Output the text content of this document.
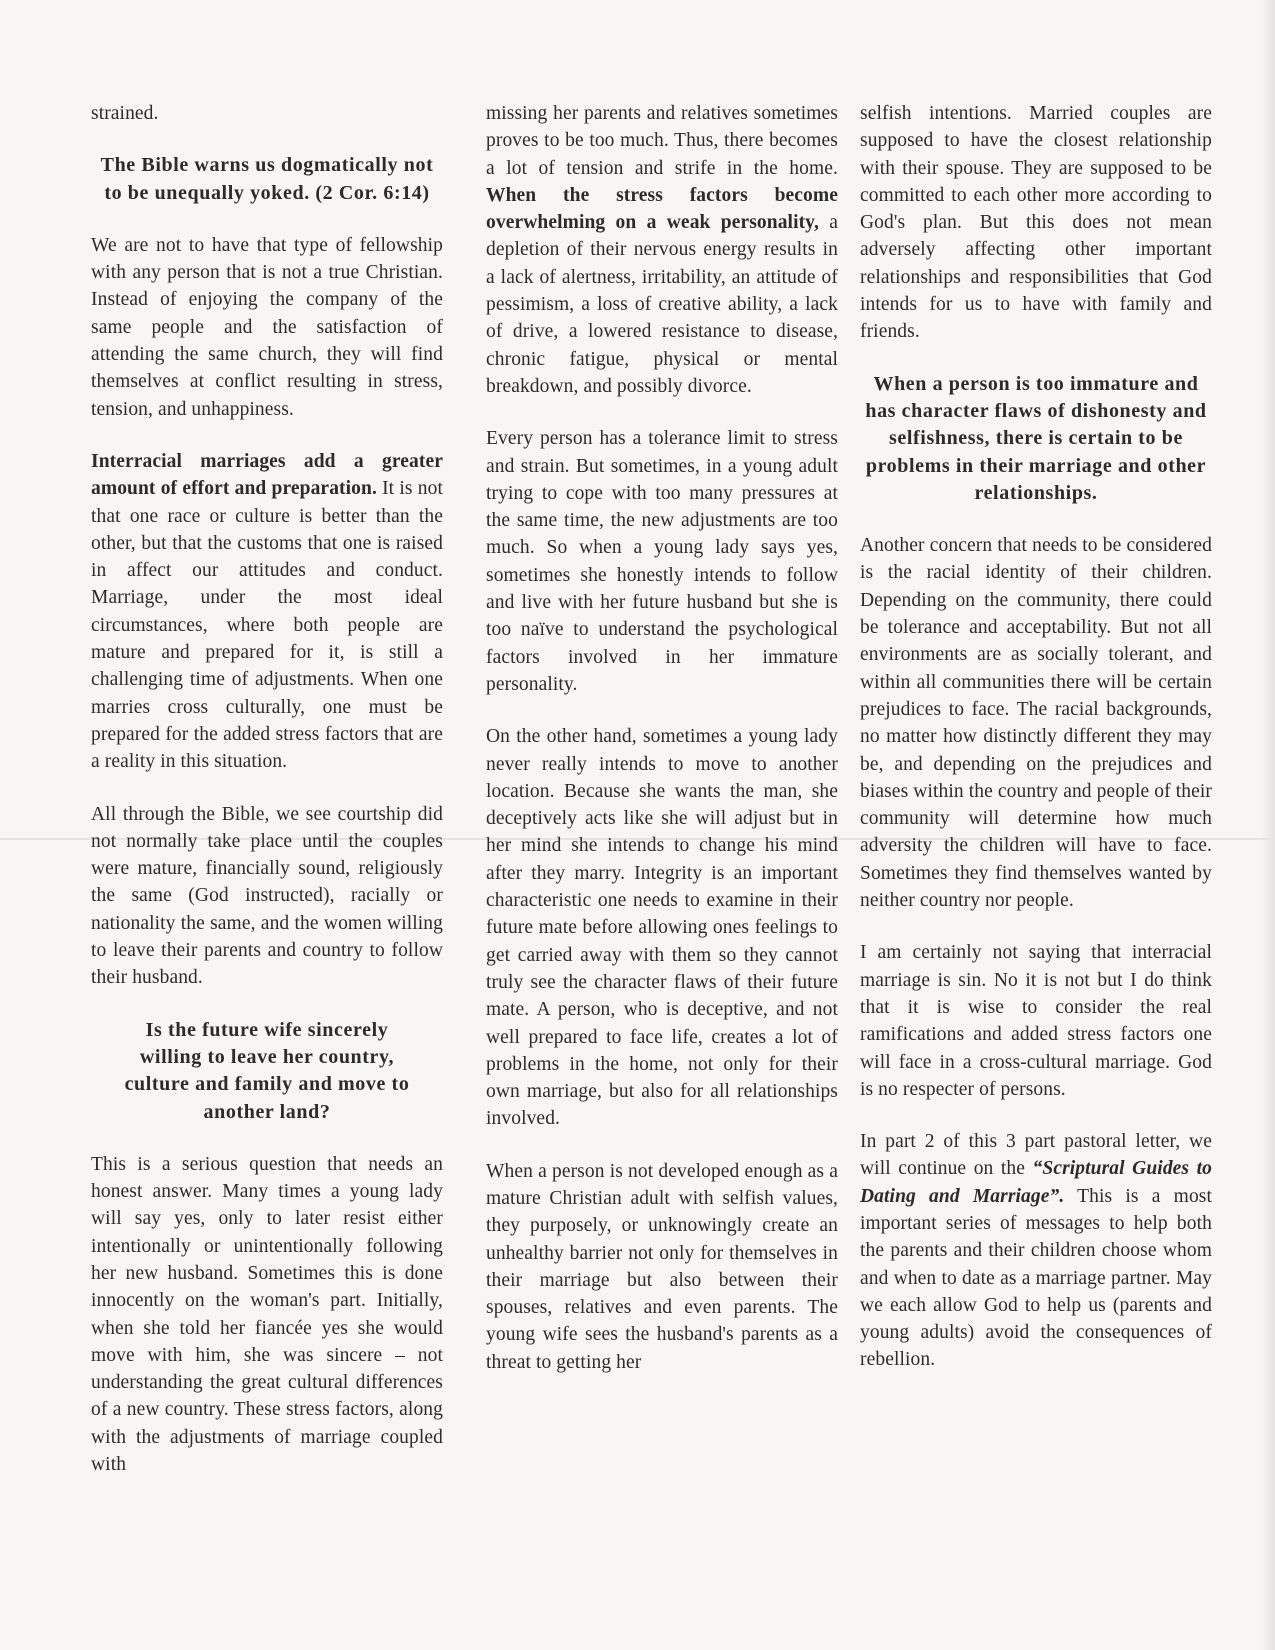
strained.

The Bible warns us dogmatically not to be unequally yoked. (2 Cor. 6:14)

We are not to have that type of fellowship with any person that is not a true Christian. Instead of enjoying the company of the same people and the satisfaction of attending the same church, they will find themselves at conflict resulting in stress, tension, and unhappiness.

Interracial marriages add a greater amount of effort and preparation. It is not that one race or culture is better than the other, but that the customs that one is raised in affect our attitudes and conduct. Marriage, under the most ideal circumstances, where both people are mature and prepared for it, is still a challenging time of adjustments. When one marries cross culturally, one must be prepared for the added stress factors that are a reality in this situation.

All through the Bible, we see courtship did not normally take place until the couples were mature, financially sound, religiously the same (God instructed), racially or nationality the same, and the women willing to leave their parents and country to follow their husband.

Is the future wife sincerely willing to leave her country, culture and family and move to another land?

This is a serious question that needs an honest answer. Many times a young lady will say yes, only to later resist either intentionally or unintentionally following her new husband. Sometimes this is done innocently on the woman's part. Initially, when she told her fiancée yes she would move with him, she was sincere – not understanding the great cultural differences of a new country. These stress factors, along with the adjustments of marriage coupled with

missing her parents and relatives sometimes proves to be too much. Thus, there becomes a lot of tension and strife in the home. When the stress factors become overwhelming on a weak personality, a depletion of their nervous energy results in a lack of alertness, irritability, an attitude of pessimism, a loss of creative ability, a lack of drive, a lowered resistance to disease, chronic fatigue, physical or mental breakdown, and possibly divorce.

Every person has a tolerance limit to stress and strain. But sometimes, in a young adult trying to cope with too many pressures at the same time, the new adjustments are too much. So when a young lady says yes, sometimes she honestly intends to follow and live with her future husband but she is too naïve to understand the psychological factors involved in her immature personality.

On the other hand, sometimes a young lady never really intends to move to another location. Because she wants the man, she deceptively acts like she will adjust but in her mind she intends to change his mind after they marry. Integrity is an important characteristic one needs to examine in their future mate before allowing ones feelings to get carried away with them so they cannot truly see the character flaws of their future mate. A person, who is deceptive, and not well prepared to face life, creates a lot of problems in the home, not only for their own marriage, but also for all relationships involved.

When a person is not developed enough as a mature Christian adult with selfish values, they purposely, or unknowingly create an unhealthy barrier not only for themselves in their marriage but also between their spouses, relatives and even parents. The young wife sees the husband's parents as a threat to getting her

selfish intentions. Married couples are supposed to have the closest relationship with their spouse. They are supposed to be committed to each other more according to God's plan. But this does not mean adversely affecting other important relationships and responsibilities that God intends for us to have with family and friends.

When a person is too immature and has character flaws of dishonesty and selfishness, there is certain to be problems in their marriage and other relationships.

Another concern that needs to be considered is the racial identity of their children. Depending on the community, there could be tolerance and acceptability. But not all environments are as socially tolerant, and within all communities there will be certain prejudices to face. The racial backgrounds, no matter how distinctly different they may be, and depending on the prejudices and biases within the country and people of their community will determine how much adversity the children will have to face. Sometimes they find themselves wanted by neither country nor people.

I am certainly not saying that interracial marriage is sin. No it is not but I do think that it is wise to consider the real ramifications and added stress factors one will face in a cross-cultural marriage. God is no respecter of persons.

In part 2 of this 3 part pastoral letter, we will continue on the “Scriptural Guides to Dating and Marriage”. This is a most important series of messages to help both the parents and their children choose whom and when to date as a marriage partner. May we each allow God to help us (parents and young adults) avoid the consequences of rebellion.
